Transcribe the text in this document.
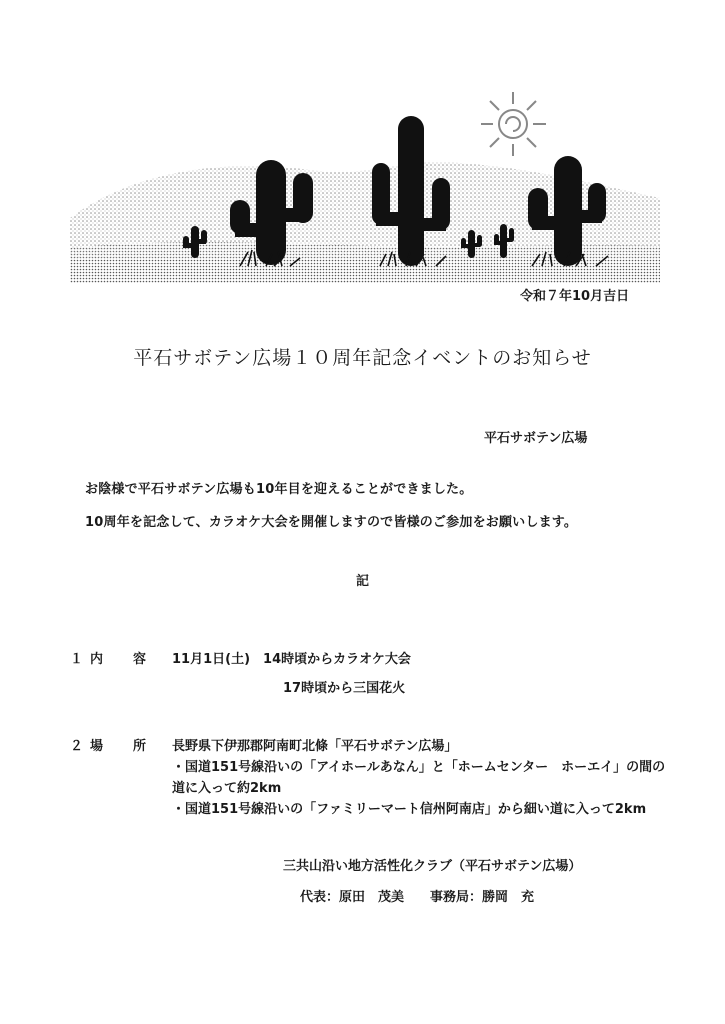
令和７年10月吉日
平石サボテン広場１０周年記念イベントのお知らせ
平石サボテン広場
お陰様で平石サボテン広場も10年目を迎えることができました。
10周年を記念して、カラオケ大会を開催しますので皆様のご参加をお願いします。
記
１ 内 容 11月1日(土)　14時頃からカラオケ大会
17時頃から三国花火
２ 場 所 長野県下伊那郡阿南町北條「平石サボテン広場」
・国道151号線沿いの「アイホールあなん」と「ホームセンター　ホーエイ」の間の
道に入って約2km
・国道151号線沿いの「ファミリーマート信州阿南店」から細い道に入って2km
三共山沿い地方活性化クラブ（平石サボテン広場）
代表：原田　茂美　　事務局：勝岡　充
